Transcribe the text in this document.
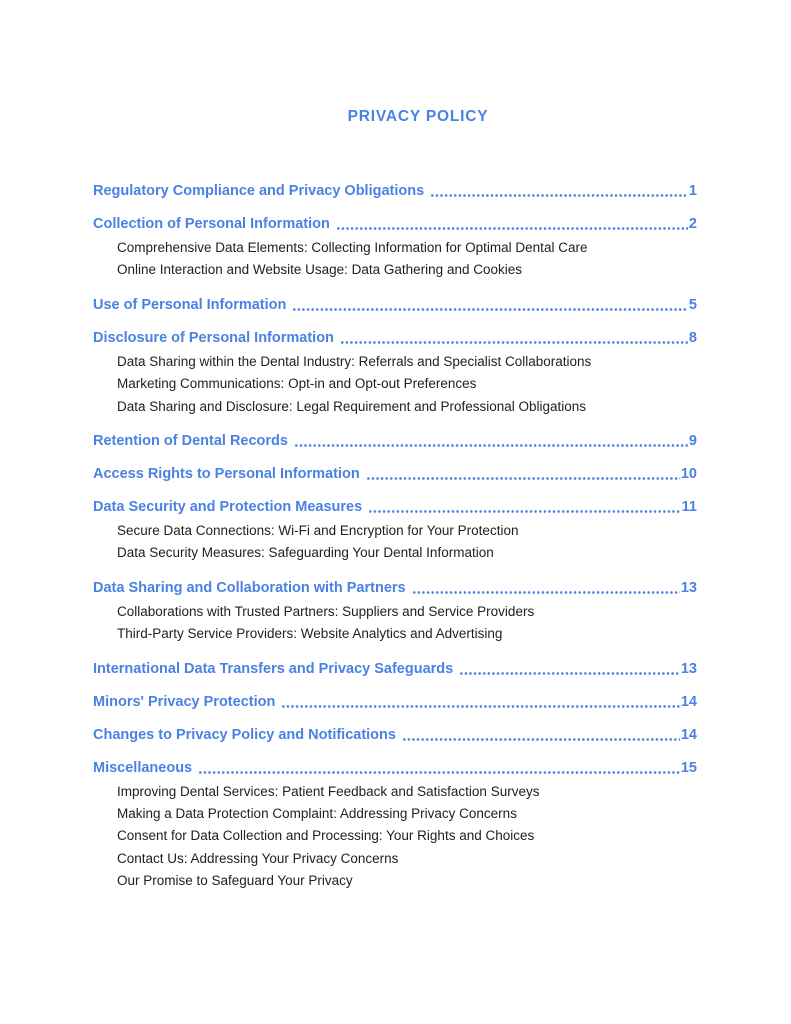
PRIVACY POLICY
Regulatory Compliance and Privacy Obligations	1
Collection of Personal Information	2
Comprehensive Data Elements: Collecting Information for Optimal Dental Care
Online Interaction and Website Usage: Data Gathering and Cookies
Use of Personal Information	5
Disclosure of Personal Information	8
Data Sharing within the Dental Industry: Referrals and Specialist Collaborations
Marketing Communications: Opt-in and Opt-out Preferences
Data Sharing and Disclosure: Legal Requirement and Professional Obligations
Retention of Dental Records	9
Access Rights to Personal Information	10
Data Security and Protection Measures	11
Secure Data Connections: Wi-Fi and Encryption for Your Protection
Data Security Measures: Safeguarding Your Dental Information
Data Sharing and Collaboration with Partners	13
Collaborations with Trusted Partners: Suppliers and Service Providers
Third-Party Service Providers: Website Analytics and Advertising
International Data Transfers and Privacy Safeguards	13
Minors' Privacy Protection	14
Changes to Privacy Policy and Notifications	14
Miscellaneous	15
Improving Dental Services: Patient Feedback and Satisfaction Surveys
Making a Data Protection Complaint: Addressing Privacy Concerns
Consent for Data Collection and Processing: Your Rights and Choices
Contact Us: Addressing Your Privacy Concerns
Our Promise to Safeguard Your Privacy
